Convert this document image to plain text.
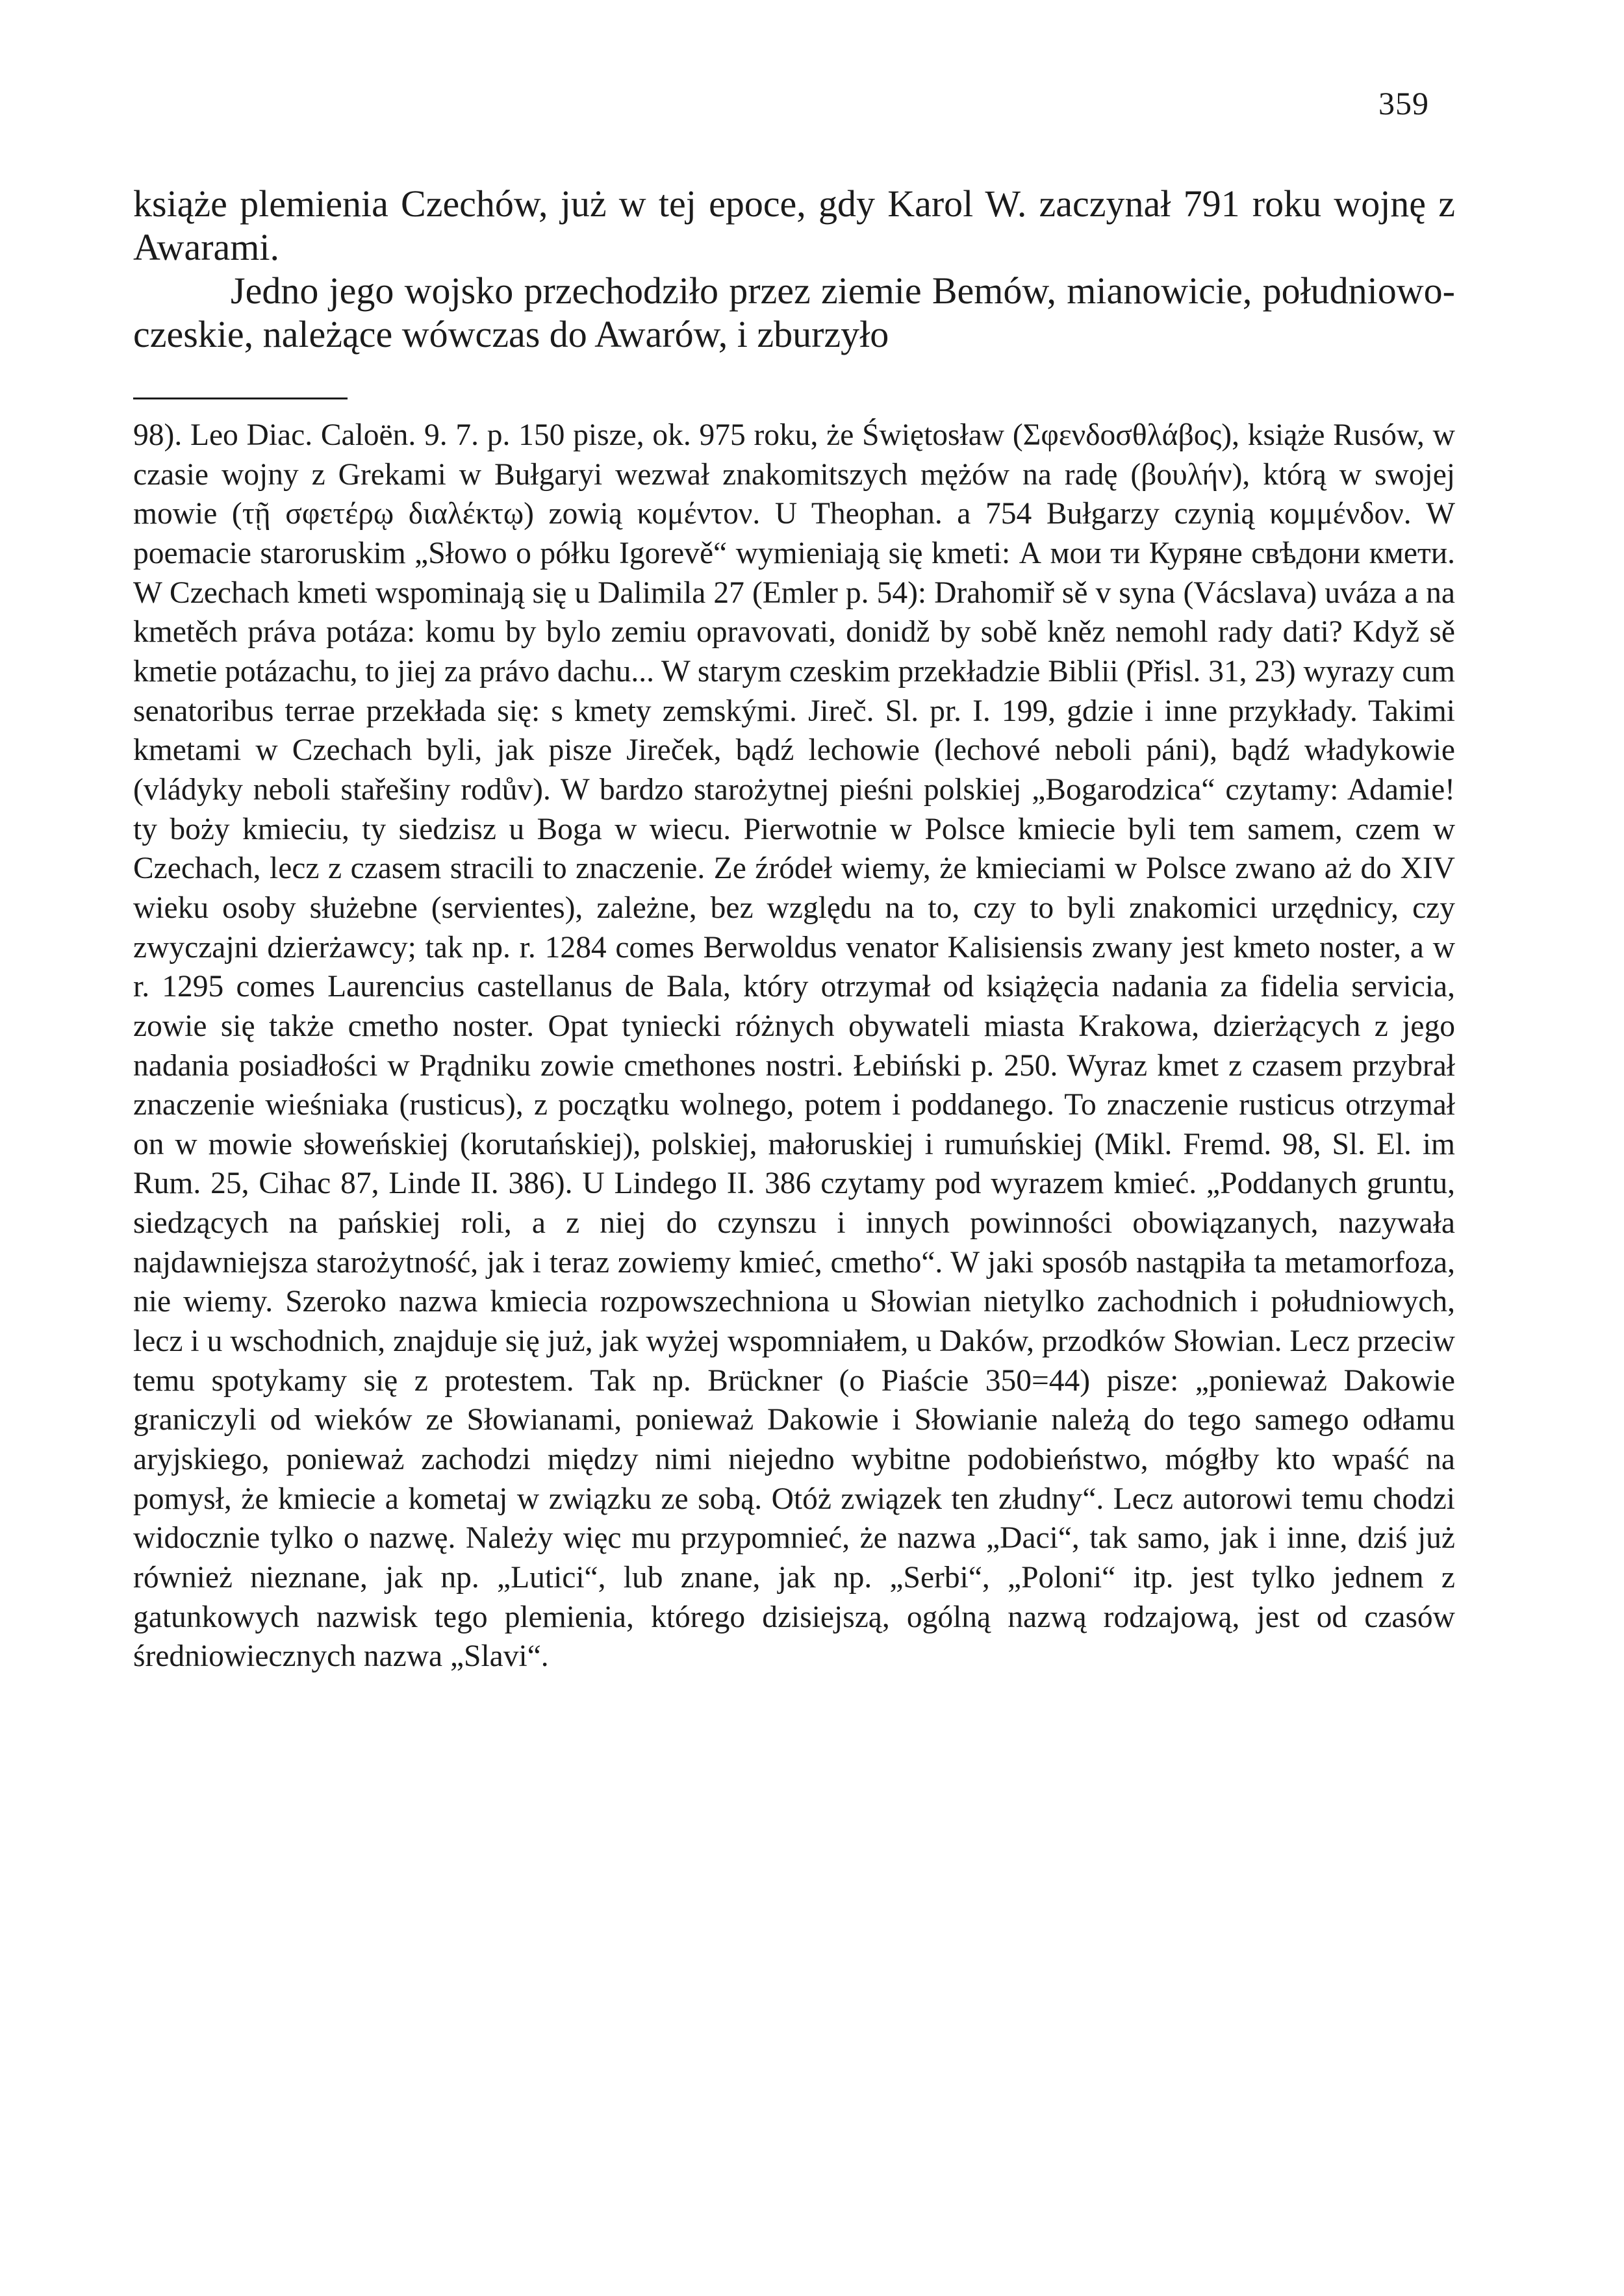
359

książe plemienia Czechów, już w tej epoce, gdy Karol W. zaczynał 791 roku wojnę z Awarami.

Jedno jego wojsko przechodziło przez ziemie Bemów, mianowicie, południowo-czeskie, należące wówczas do Awarów, i zburzyło

98). Leo Diac. Caloën. 9. 7. p. 150 pisze, ok. 975 roku, że Świętosław (Σφενδοσθλάβος), książe Rusów, w czasie wojny z Grekami w Bułgaryi wezwał znakomitszych mężów na radę (βουλήν), którą w swojej mowie (τῇ σφετέρῳ διαλέκτῳ) zowią κομέντον. U Theophan. a 754 Bułgarzy czynią κομμένδον. W poemacie staroruskim „Słowo o półku Igorevě“ wymieniają się kmeti: А мои ти Куряне свѣдони кмети. W Czechach kmeti wspominają się u Dalimila 27 (Emler p. 54): Drahomiř sě v syna (Vácslava) uváza a na kmetěch práva potáza: komu by bylo zemiu opravovati, donidž by sobě kněz nemohl rady dati? Když sě kmetie potázachu, to jiej za právo dachu... W starym czeskim przekładzie Biblii (Přisl. 31, 23) wyrazy cum senatoribus terrae przekłada się: s kmety zemskými. Jireč. Sl. pr. I. 199, gdzie i inne przykłady. Takimi kmetami w Czechach byli, jak pisze Jireček, bądź lechowie (lechové neboli páni), bądź władykowie (vládyky neboli stařešiny rodův). W bardzo starożytnej pieśni polskiej „Bogarodzica“ czytamy: Adamie! ty boży kmieciu, ty siedzisz u Boga w wiecu. Pierwotnie w Polsce kmiecie byli tem samem, czem w Czechach, lecz z czasem stracili to znaczenie. Ze źródeł wiemy, że kmieciami w Polsce zwano aż do XIV wieku osoby służebne (servientes), zależne, bez względu na to, czy to byli znakomici urzędnicy, czy zwyczajni dzierżawcy; tak np. r. 1284 comes Berwoldus venator Kalisiensis zwany jest kmeto noster, a w r. 1295 comes Laurencius castellanus de Bala, który otrzymał od książęcia nadania za fidelia servicia, zowie się także cmetho noster. Opat tyniecki różnych obywateli miasta Krakowa, dzierżących z jego nadania posiadłości w Prądniku zowie cmethones nostri. Łebiński p. 250. Wyraz kmet z czasem przybrał znaczenie wieśniaka (rusticus), z początku wolnego, potem i poddanego. To znaczenie rusticus otrzymał on w mowie słoweńskiej (korutańskiej), polskiej, małoruskiej i rumuńskiej (Mikl. Fremd. 98, Sl. El. im Rum. 25, Cihac 87, Linde II. 386). U Lindego II. 386 czytamy pod wyrazem kmieć. „Poddanych gruntu, siedzących na pańskiej roli, a z niej do czynszu i innych powinności obowiązanych, nazywała najdawniejsza starożytność, jak i teraz zowiemy kmieć, cmetho“. W jaki sposób nastąpiła ta metamorfoza, nie wiemy. Szeroko nazwa kmiecia rozpowszechniona u Słowian nietylko zachodnich i południowych, lecz i u wschodnich, znajduje się już, jak wyżej wspomniałem, u Daków, przodków Słowian. Lecz przeciw temu spotykamy się z protestem. Tak np. Brückner (o Piaście 350=44) pisze: „ponieważ Dakowie graniczyli od wieków ze Słowianami, ponieważ Dakowie i Słowianie należą do tego samego odłamu aryjskiego, ponieważ zachodzi między nimi niejedno wybitne podobieństwo, mógłby kto wpaść na pomysł, że kmiecie a kometaj w związku ze sobą. Otóż związek ten złudny“. Lecz autorowi temu chodzi widocznie tylko o nazwę. Należy więc mu przypomnieć, że nazwa „Daci“, tak samo, jak i inne, dziś już również nieznane, jak np. „Lutici“, lub znane, jak np. „Serbi“, „Poloni“ itp. jest tylko jednem z gatunkowych nazwisk tego plemienia, którego dzisiejszą, ogólną nazwą rodzajową, jest od czasów średniowiecznych nazwa „Slavi“.
